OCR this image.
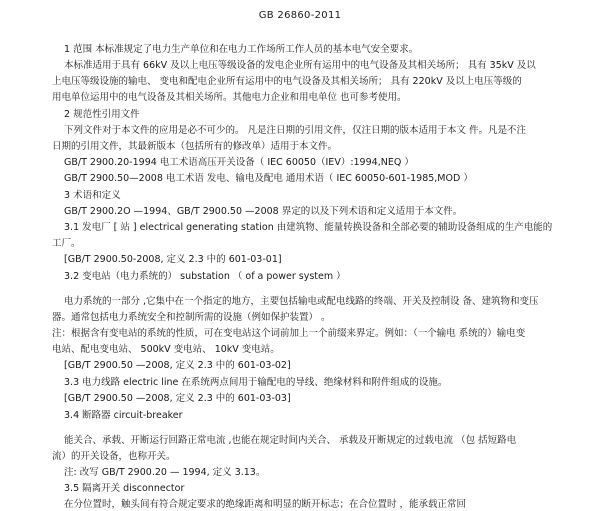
GB 26860-2011
1 范围 本标准规定了电力生产单位和在电力工作场所工作人员的基本电气安全要求。
本标准适用于具有 66kV 及以上电压等级设备的发电企业所有运用中的电气设备及其相关场所； 具有 35kV 及以
上电压等级设施的输电、 变电和配电企业所有运用中的电气设备及其相关场所； 具有 220kV 及以上电压等级的
用电单位运用中的电气设备及其相关场所。其他电力企业和用电单位 也可参考使用。
2 规范性引用文件
下列文件对于本文件的应用是必不可少的。 凡是注日期的引用文件，仅注日期的版本适用于本文 件。凡是不注
日期的引用文件，其最新版本（包括所有的修改单）适用于本文件。
GB/T 2900.20-1994 电工术语高压开关设备（ IEC 60050（IEV）:1994,NEQ ）
GB/T 2900.50—2008 电工术语 发电、输电及配电 通用术语（ IEC 60050-601-1985,MOD ）
3 术语和定义
GB/T 2900.2O —1994、GB/T 2900.50 —2008 界定的以及下列术语和定义适用于本文件。
3.1 发电厂 [ 站 ] electrical generating station 由建筑物、能量转换设备和全部必要的辅助设备组成的生产电能的
工厂。
[GB/T 2900.50-2008, 定义 2.3 中的 601-03-01]
3.2 变电站（电力系统的） substation （ of a power system ）
电力系统的一部分 ,它集中在一个指定的地方，主要包括输电或配电线路的终端、开关及控制设 备、建筑物和变压
器。通常包括电力系统安全和控制所需的设施（例如保护装置） 。
注：根据含有变电站的系统的性质，可在变电站这个词前加上一个前缀来界定。例如：（一个输电 系统的）输电变
电站、配电变电站、 500kV 变电站、 10kV 变电站。
[GB/T 2900.50 —2008, 定义 2.3 中的 601-03-02]
3.3 电力线路 electric line 在系统两点间用于输配电的导线、绝缘材料和附件组成的设施。
[GB/T 2900.50 —2008, 定义 2.3 中的 601-03-03]
3.4 断路器 circuit-breaker
能关合、承载、开断运行回路正常电流 ,也能在规定时间内关合、 承载及开断规定的过载电流 （包 括短路电
流）的开关设备，也称开关。
注: 改写 GB/T 2900.20 — 1994, 定义 3.13。
3.5 隔离开关 disconnector
在分位置时，触头间有符合规定要求的绝缘距离和明显的断开标志；在合位置时 ，能承载正常回
